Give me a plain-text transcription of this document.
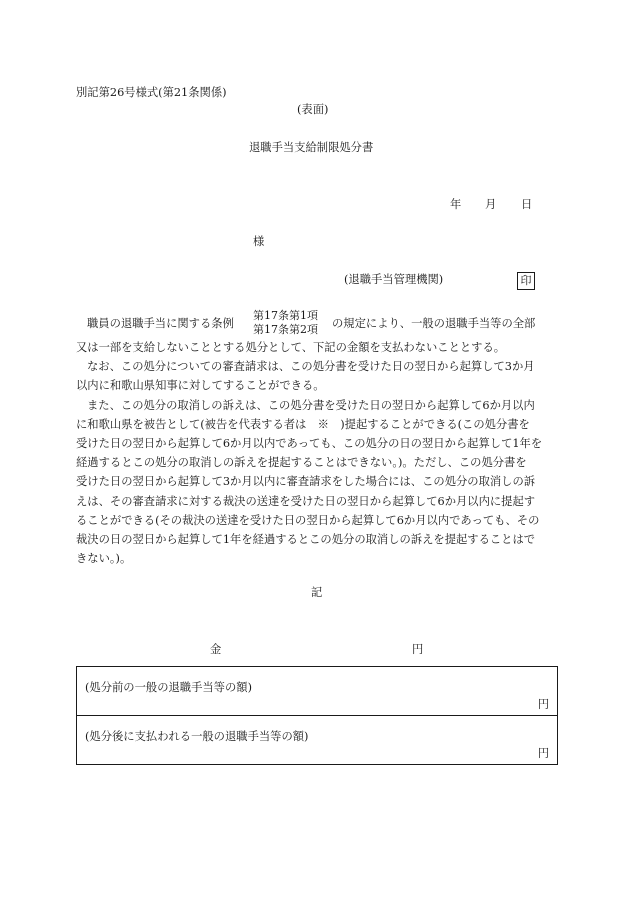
別記第26号様式(第21条関係)
(表面)
退職手当支給制限処分書
年 月 日
様
(退職手当管理機関)	印
職員の退職手当に関する条例
第17条第1項
第17条第2項 の規定により、一般の退職手当等の全部
又は一部を支給しないこととする処分として、下記の金額を支払わないこととする。
なお、この処分についての審査請求は、この処分書を受けた日の翌日から起算して3か月
以内に和歌山県知事に対してすることができる。
また、この処分の取消しの訴えは、この処分書を受けた日の翌日から起算して6か月以内
に和歌山県を被告として(被告を代表する者は　※　)提起することができる(この処分書を
受けた日の翌日から起算して6か月以内であっても、この処分の日の翌日から起算して1年を
経過するとこの処分の取消しの訴えを提起することはできない。)。ただし、この処分書を
受けた日の翌日から起算して3か月以内に審査請求をした場合には、この処分の取消しの訴
えは、その審査請求に対する裁決の送達を受けた日の翌日から起算して6か月以内に提起す
ることができる(その裁決の送達を受けた日の翌日から起算して6か月以内であっても、その
裁決の日の翌日から起算して1年を経過するとこの処分の取消しの訴えを提起することはで
きない。)。
記
金	円
(処分前の一般の退職手当等の額)
円

(処分後に支払われる一般の退職手当等の額)
円
